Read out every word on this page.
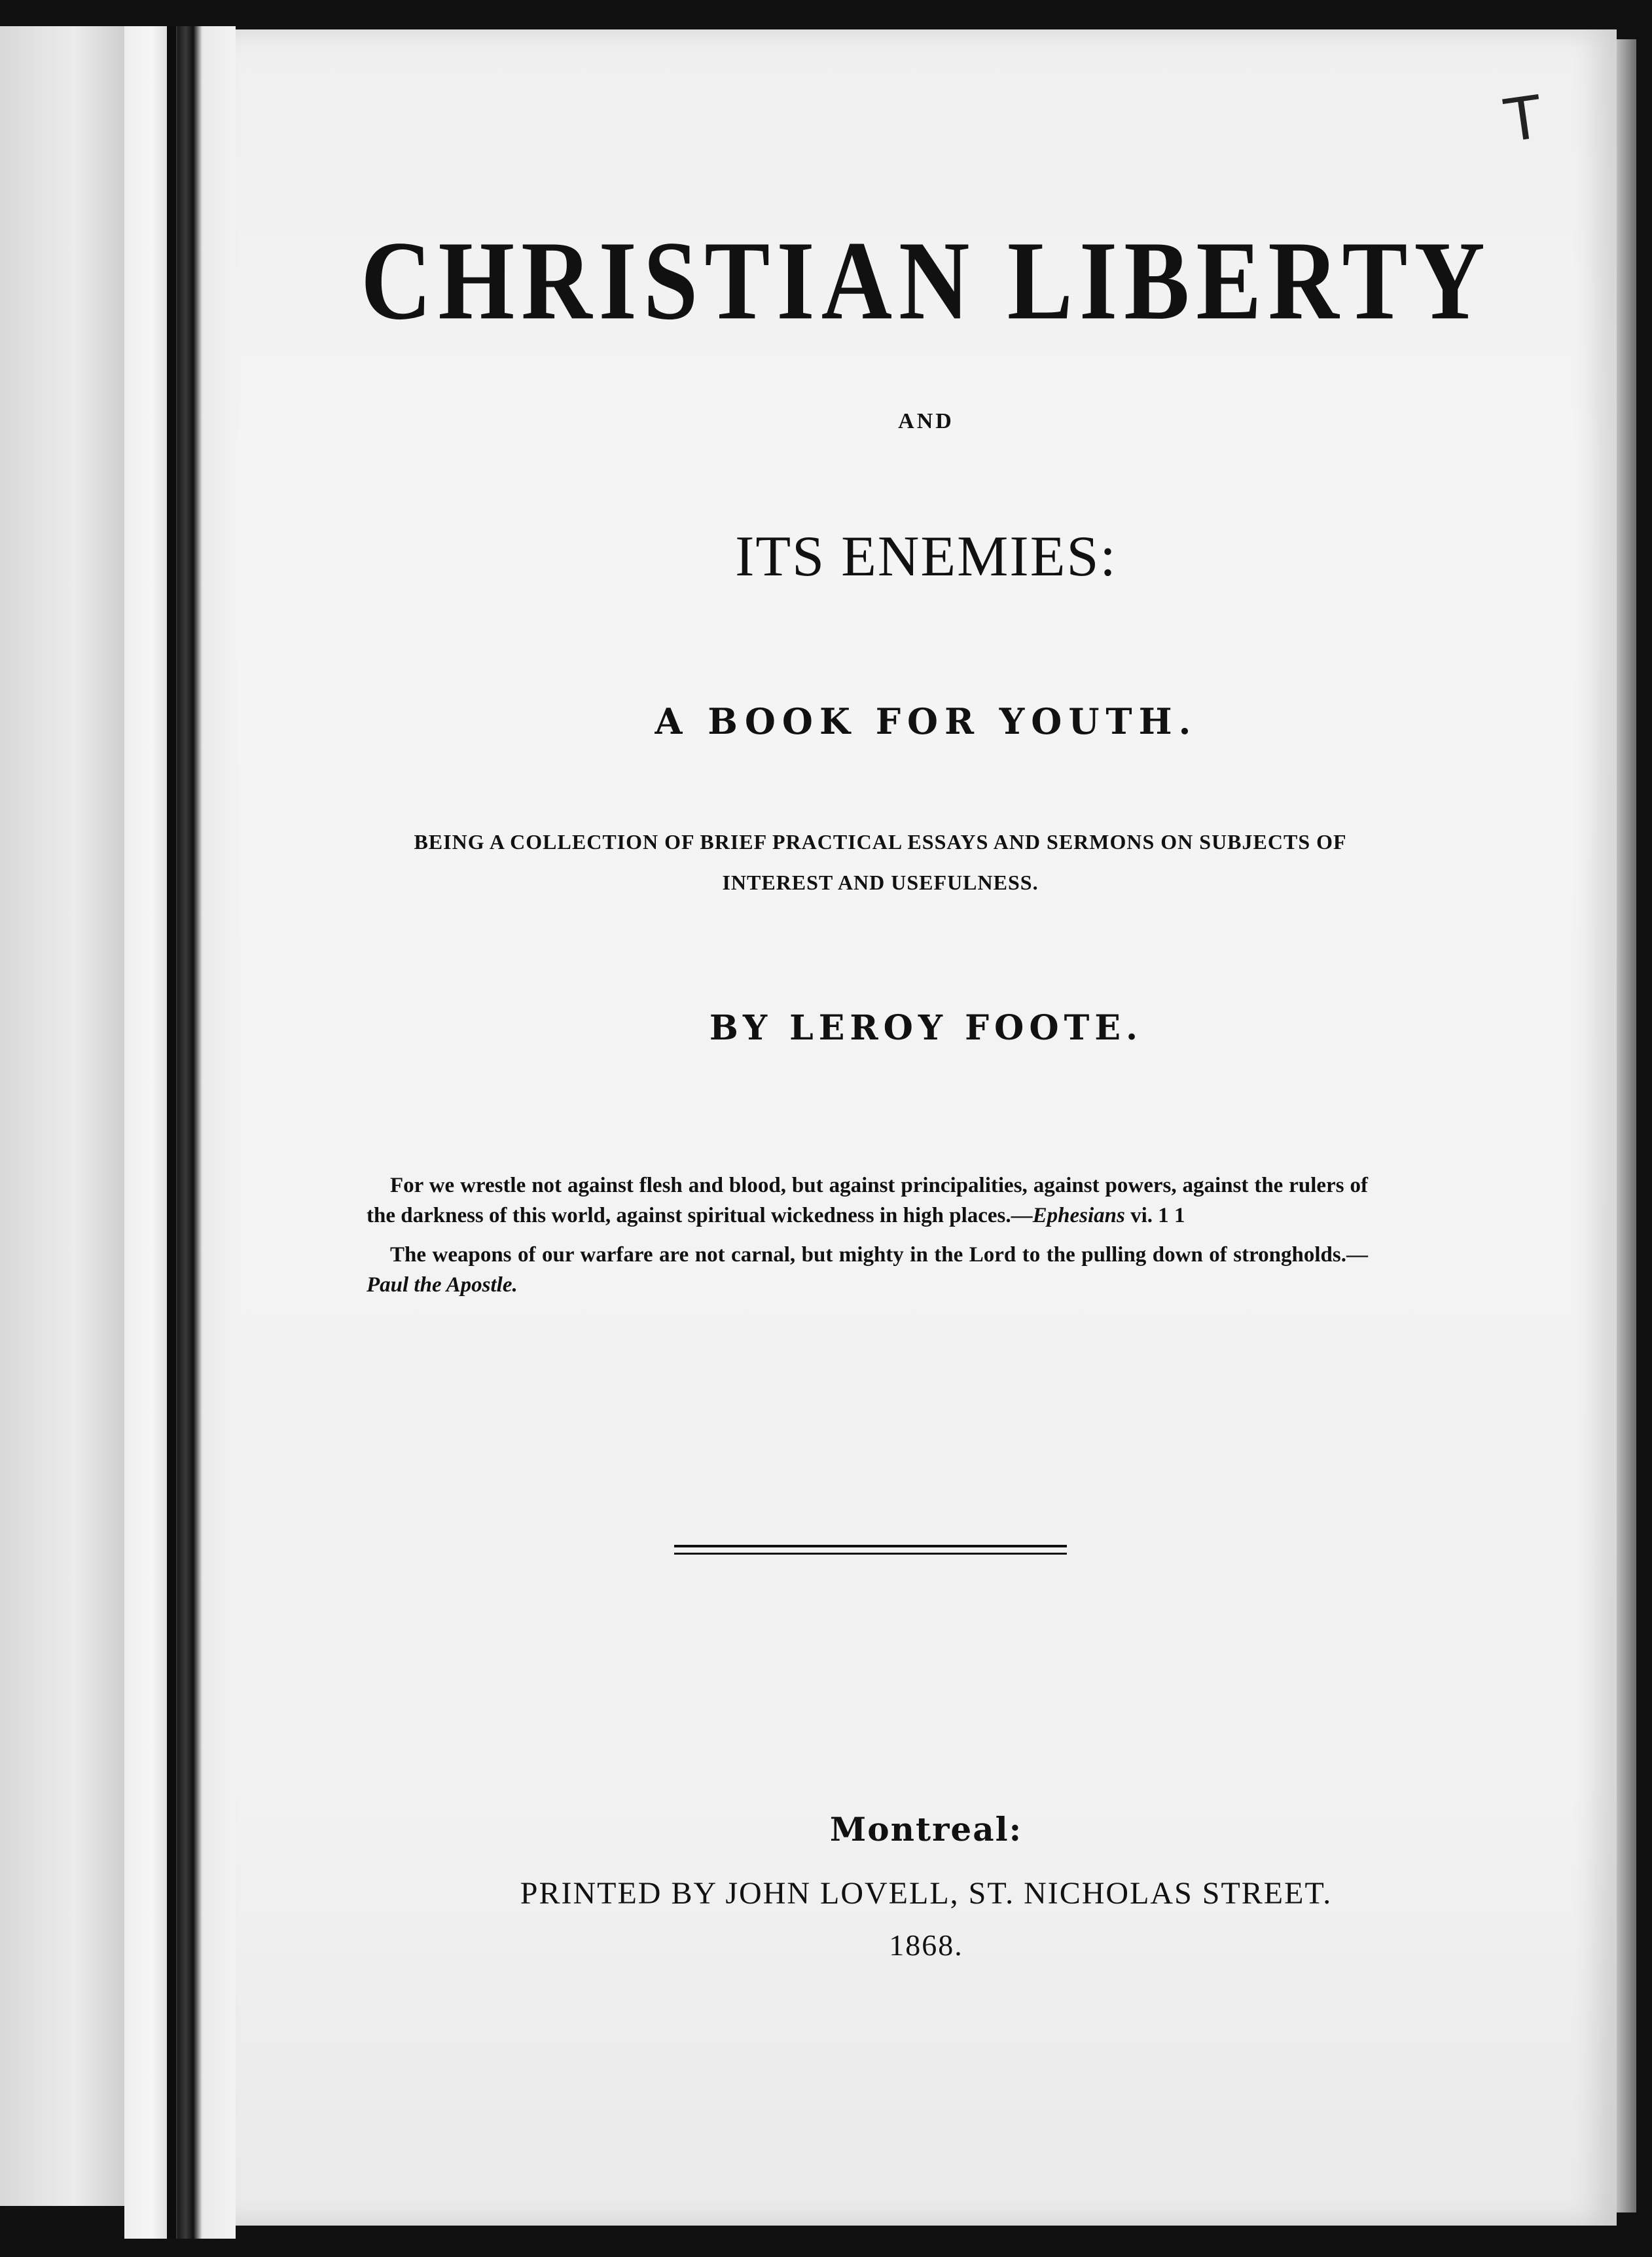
T
CHRISTIAN LIBERTY
AND
ITS ENEMIES:
A BOOK FOR YOUTH.
BEING A COLLECTION OF BRIEF PRACTICAL ESSAYS AND SERMONS ON SUBJECTS OF INTEREST AND USEFULNESS.
BY LEROY FOOTE.

For we wrestle not against flesh and blood, but against principalities, against powers, against the rulers of the darkness of this world, against spiritual wickedness in high places.—Ephesians vi. 1 1

The weapons of our warfare are not carnal, but mighty in the Lord to the pulling down of strongholds.—Paul the Apostle.

Montreal:
PRINTED BY JOHN LOVELL, ST. NICHOLAS STREET.
1868.
